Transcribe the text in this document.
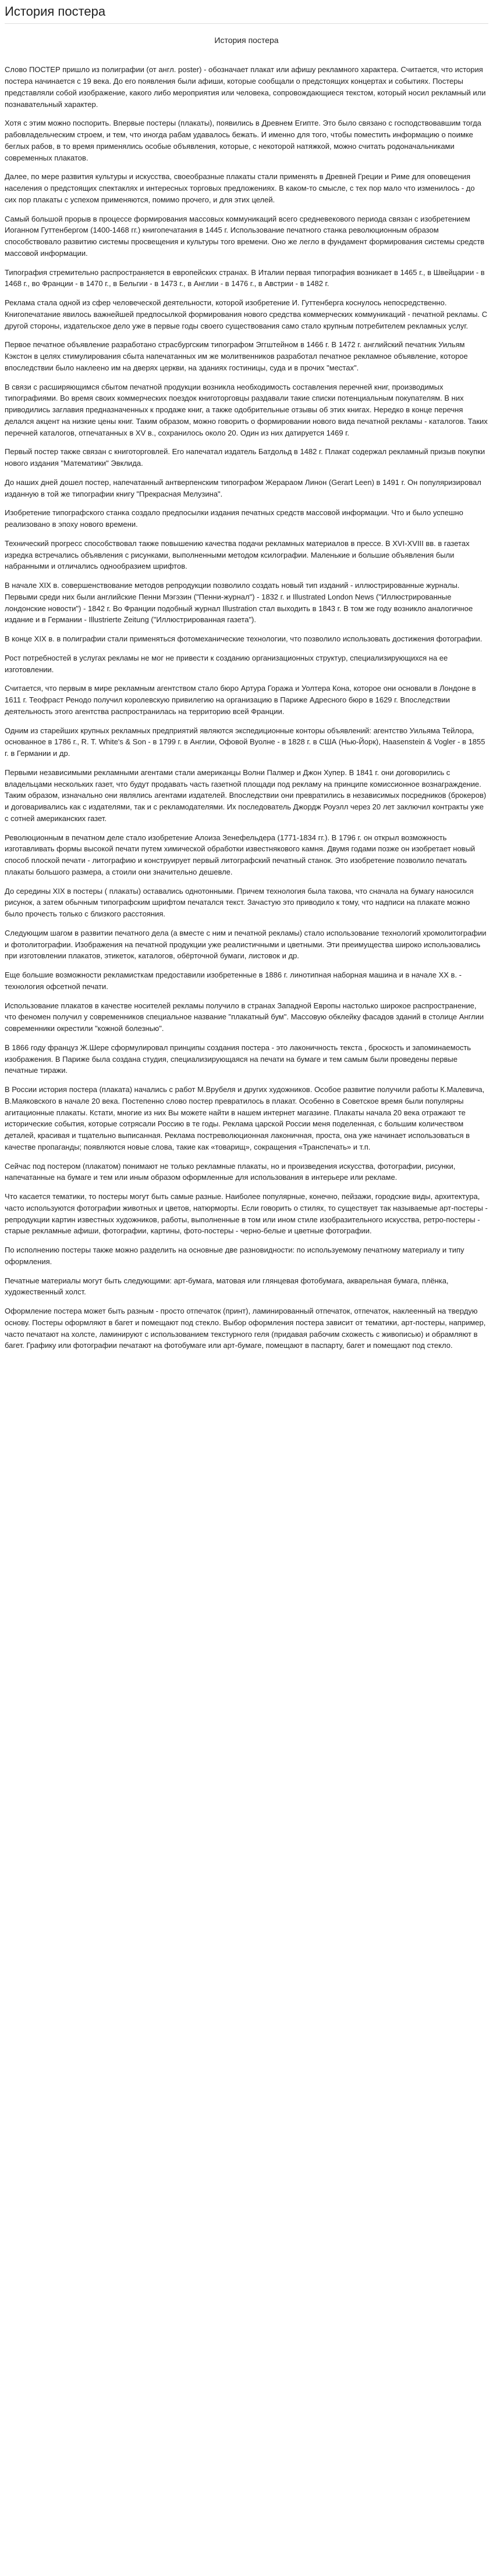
История постера
История постера

Слово ПОСТЕР пришло из полиграфии (от англ. poster) - обозначает плакат или афишу рекламного характера. Считается, что история постера начинается с 19 века. До его появления были афиши, которые сообщали о предстоящих концертах и событиях. Постеры представляли собой изображение, какого либо мероприятия или человека, сопровождающиеся текстом, который носил рекламный или познавательный характер.

Хотя с этим можно поспорить. Впервые постеры (плакаты), появились в Древнем Египте. Это было связано с господствовавшим тогда рабовладельческим строем, и тем, что иногда рабам удавалось бежать. И именно для того, чтобы поместить информацию о поимке беглых рабов, в то время применялись особые объявления, которые, с некоторой натяжкой, можно считать родоначальниками современных плакатов.

Далее, по мере развития культуры и искусства, своеобразные плакаты стали применять в Древней Греции и Риме для оповещения населения о предстоящих спектаклях и интересных торговых предложениях. В каком-то смысле, с тех пор мало что изменилось - до сих пор плакаты с успехом применяются, помимо прочего, и для этих целей.

Самый большой прорыв в процессе формирования массовых коммуникаций всего средневекового периода связан с изобретением Иоганном Гуттенбергом (1400-1468 гг.) книгопечатания в 1445 г. Использование печатного станка революционным образом способствовало развитию системы просвещения и культуры того времени. Оно же легло в фундамент формирования системы средств массовой информации.

Типография стремительно распространяется в европейских странах. В Италии первая типография возникает в 1465 г., в Швейцарии - в 1468 г., во Франции - в 1470 г., в Бельгии - в 1473 г., в Англии - в 1476 г., в Австрии - в 1482 г.

Реклама стала одной из сфер человеческой деятельности, которой изобретение И. Гуттенберга коснулось непосредственно. Книгопечатание явилось важнейшей предпосылкой формирования нового средства коммерческих коммуникаций - печатной рекламы. С другой стороны, издательское дело уже в первые годы своего существования само стало крупным потребителем рекламных услуг.

Первое печатное объявление разработано страсбургским типографом Эггштейном в 1466 г. В 1472 г. английский печатник Уильям Кэкстон в целях стимулирования сбыта напечатанных им же молитвенников разработал печатное рекламное объявление, которое впоследствии было наклеено им на дверях церкви, на зданиях гостиницы, суда и в прочих "местах".

В связи с расширяющимся сбытом печатной продукции возникла необходимость составления перечней книг, производимых типографиями. Во время своих коммерческих поездок книготорговцы раздавали такие списки потенциальным покупателям. В них приводились заглавия предназначенных к продаже книг, а также одобрительные отзывы об этих книгах. Нередко в конце перечня делался акцент на низкие цены книг. Таким образом, можно говорить о формировании нового вида печатной рекламы - каталогов. Таких перечней каталогов, отпечатанных в XV в., сохранилось около 20. Один из них датируется 1469 г.

Первый постер также связан с книготорговлей. Его напечатал издатель Батдольд в 1482 г. Плакат содержал рекламный призыв покупки нового издания "Математики" Эвклида.

До наших дней дошел постер, напечатанный антверпенским типографом Жерараом Линон (Gerart Leen) в 1491 г. Он популяризировал изданную в той же типографии книгу "Прекрасная Мелузина".

Изобретение типографского станка создало предпосылки издания печатных средств массовой информации. Что и было успешно реализовано в эпоху нового времени.

Технический прогресс способствовал также повышению качества подачи рекламных материалов в прессе. В XVI-XVIII вв. в газетах изредка встречались объявления с рисунками, выполненными методом ксилографии. Маленькие и большие объявления были набранными и отличались однообразием шрифтов.

В начале XIX в. совершенствование методов репродукции позволило создать новый тип изданий - иллюстрированные журналы. Первыми среди них были английские Пенни Мэгэзин ("Пенни-журнал") - 1832 г. и Illustrated London News ("Иллюстрированные лондонские новости") - 1842 г. Во Франции подобный журнал Illustration стал выходить в 1843 г. В том же году возникло аналогичное издание и в Германии - Illustrierte Zeitung ("Иллюстрированная газета").

В конце XIX в. в полиграфии стали применяться фотомеханические технологии, что позволило использовать достижения фотографии.

Рост потребностей в услугах рекламы не мог не привести к созданию организационных структур, специализирующихся на ее изготовлении.

Считается, что первым в мире рекламным агентством стало бюро Артура Гоража и Уолтера Кона, которое они основали в Лондоне в 1611 г. Теофраст Ренодо получил королевскую привилегию на организацию в Париже Адресного бюро в 1629 г. Впоследствии деятельность этого агентства распространилась на территорию всей Франции.

Одним из старейших крупных рекламных предприятий являются экспедиционные конторы объявлений: агентство Уильяма Тейлора, основанное в 1786 г., R. T. White's & Son - в 1799 г. в Англии, Офовой Вуолне - в 1828 г. в США (Нью-Йорк), Haasenstein & Vogler - в 1855 г. в Германии и др.

Первыми независимыми рекламными агентами стали американцы Волни Палмер и Джон Хупер. В 1841 г. они договорились с владельцами нескольких газет, что будут продавать часть газетной площади под рекламу на принципе комиссионное вознаграждение. Таким образом, изначально они являлись агентами издателей. Впоследствии они превратились в независимых посредников (брокеров) и договаривались как с издателями, так и с рекламодателями. Их последователь Джордж Роуэлл через 20 лет заключил контракты уже с сотней американских газет.

Революционным в печатном деле стало изобретение Алоиза Зенефельдера (1771-1834 гг.). В 1796 г. он открыл возможность изготавливать формы высокой печати путем химической обработки известнякового камня. Двумя годами позже он изобретает новый способ плоской печати - литографию и конструирует первый литографский печатный станок. Это изобретение позволило печатать плакаты большого размера, а стоили они значительно дешевле.

До середины XIX в постеры ( плакаты) оставались однотонными. Причем технология была такова, что сначала на бумагу наносился рисунок, а затем обычным типографским шрифтом печатался текст. Зачастую это приводило к тому, что надписи на плакате можно было прочесть только с близкого расстояния.

Следующим шагом в развитии печатного дела (а вместе с ним и печатной рекламы) стало использование технологий хромолитографии и фотолитографии. Изображения на печатной продукции уже реалистичными и цветными. Эти преимущества широко использовались при изготовлении плакатов, этикеток, каталогов, обёрточной бумаги, листовок и др.

Еще большие возможности рекламисткам предоставили изобретенные в 1886 г. линотипная наборная машина и в начале XX в. - технология офсетной печати.

Использование плакатов в качестве носителей рекламы получило в странах Западной Европы настолько широкое распространение, что феномен получил у современников специальное название "плакатный бум". Массовую обклейку фасадов зданий в столице Англии современники окрестили "кожной болезнью".

В 1866 году француз Ж.Шере сформулировал принципы создания постера - это лаконичность текста , броскость и запоминаемость изображения. В Париже была создана студия, специализирующаяся на печати на бумаге и тем самым были проведены первые печатные тиражи.

В России история постера (плаката) начались с работ М.Врубеля и других художников. Особое развитие получили работы К.Малевича, В.Маяковского в начале 20 века. Постепенно слово постер превратилось в плакат. Особенно в Советское время были популярны агитационные плакаты. Кстати, многие из них Вы можете найти в нашем интернет магазине. Плакаты начала 20 века отражают те исторические события, которые сотрясали Россию в те годы. Реклама царской России меня поделенная, с большим количеством деталей, красивая и тщательно выписанная. Реклама постреволюционная лаконичная, проста, она уже начинает использоваться в качестве пропаганды; появляются новые слова, такие как «товарищ», сокращения «Транспечать» и т.п.

Сейчас под постером (плакатом) понимают не только рекламные плакаты, но и произведения искусства, фотографии, рисунки, напечатанные на бумаге и тем или иным образом оформленные для использования в интерьере или рекламе.

Что касается тематики, то постеры могут быть самые разные. Наиболее популярные, конечно, пейзажи, городские виды, архитектура, часто используются фотографии животных и цветов, натюрморты. Если говорить о стилях, то существует так называемые арт-постеры - репродукции картин известных художников, работы, выполненные в том или ином стиле изобразительного искусства, ретро-постеры - старые рекламные афиши, фотографии, картины, фото-постеры - черно-белые и цветные фотографии.

По исполнению постеры также можно разделить на основные две разновидности: по используемому печатному материалу и типу оформления.

Печатные материалы могут быть следующими: арт-бумага, матовая или глянцевая фотобумага, акварельная бумага, плёнка, художественный холст.

Оформление постера может быть разным - просто отпечаток (принт), ламинированный отпечаток, отпечаток, наклеенный на твердую основу. Постеры оформляют в багет и помещают под стекло. Выбор оформления постера зависит от тематики, арт-постеры, например, часто печатают на холсте, ламинируют с использованием текстурного геля (придавая рабочим схожесть с живописью) и обрамляют в багет. Графику или фотографии печатают на фотобумаге или арт-бумаге, помещают в паспарту, багет и помещают под стекло.
